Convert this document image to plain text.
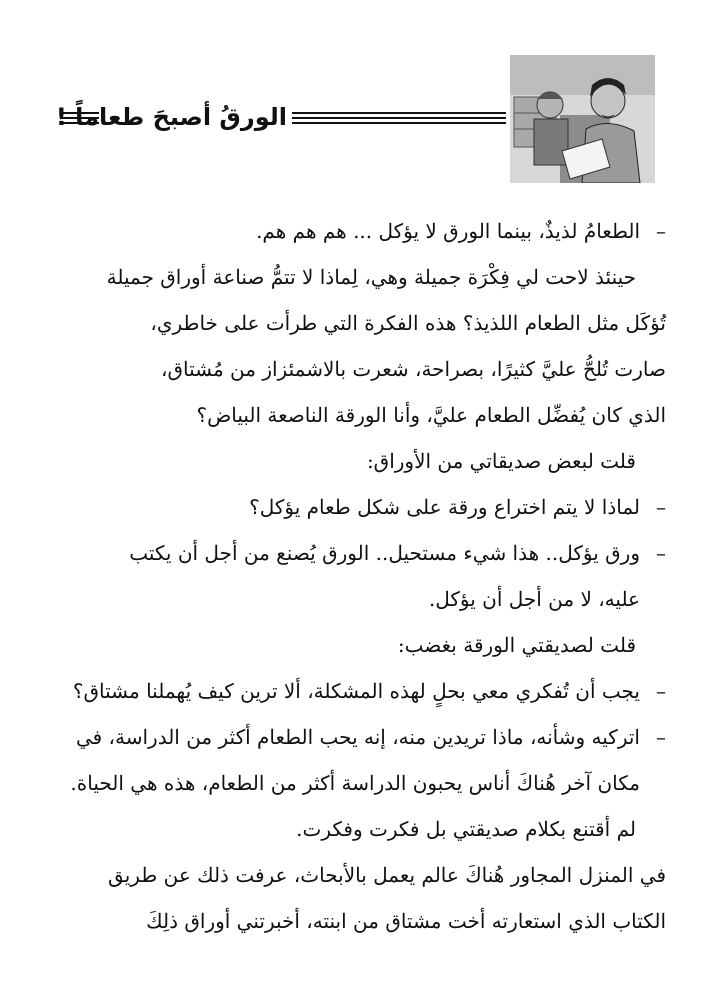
الورقُ أصبحَ طعاماً !
–
الطعامُ لذيذٌ، بينما الورق لا يؤكل ... هم هم هم.

حينئذ لاحت لي فِكْرَة جميلة وهي، لِماذا لا تتمُّ صناعة أوراق جميلة

تُؤكَل مثل الطعام اللذيذ؟ هذه الفكرة التي طرأت على خاطري،

صارت تُلحُّ عليَّ كثيرًا، بصراحة، شعرت بالاشمئزاز من مُشتاق،

الذي كان يُفضِّل الطعام عليَّ، وأنا الورقة الناصعة البياض؟

قلت لبعض صديقاتي من الأوراق:

–
لماذا لا يتم اختراع ورقة على شكل طعام يؤكل؟
–
ورق يؤكل.. هذا شيء مستحيل.. الورق يُصنع من أجل أن يكتب

عليه، لا من أجل أن يؤكل.

قلت لصديقتي الورقة بغضب:

–
يجب أن تُفكري معي بحلٍ لهذه المشكلة، ألا ترين كيف يُهملنا مشتاق؟
–
اتركيه وشأنه، ماذا تريدين منه، إنه يحب الطعام أكثر من الدراسة، في

مكان آخر هُناكَ أناس يحبون الدراسة أكثر من الطعام، هذه هي الحياة.

لم أقتنع بكلام صديقتي بل فكرت وفكرت.

في المنزل المجاور هُناكَ عالم يعمل بالأبحاث، عرفت ذلك عن طريق

الكتاب الذي استعارته أخت مشتاق من ابنته، أخبرتني أوراق ذلِكَ
